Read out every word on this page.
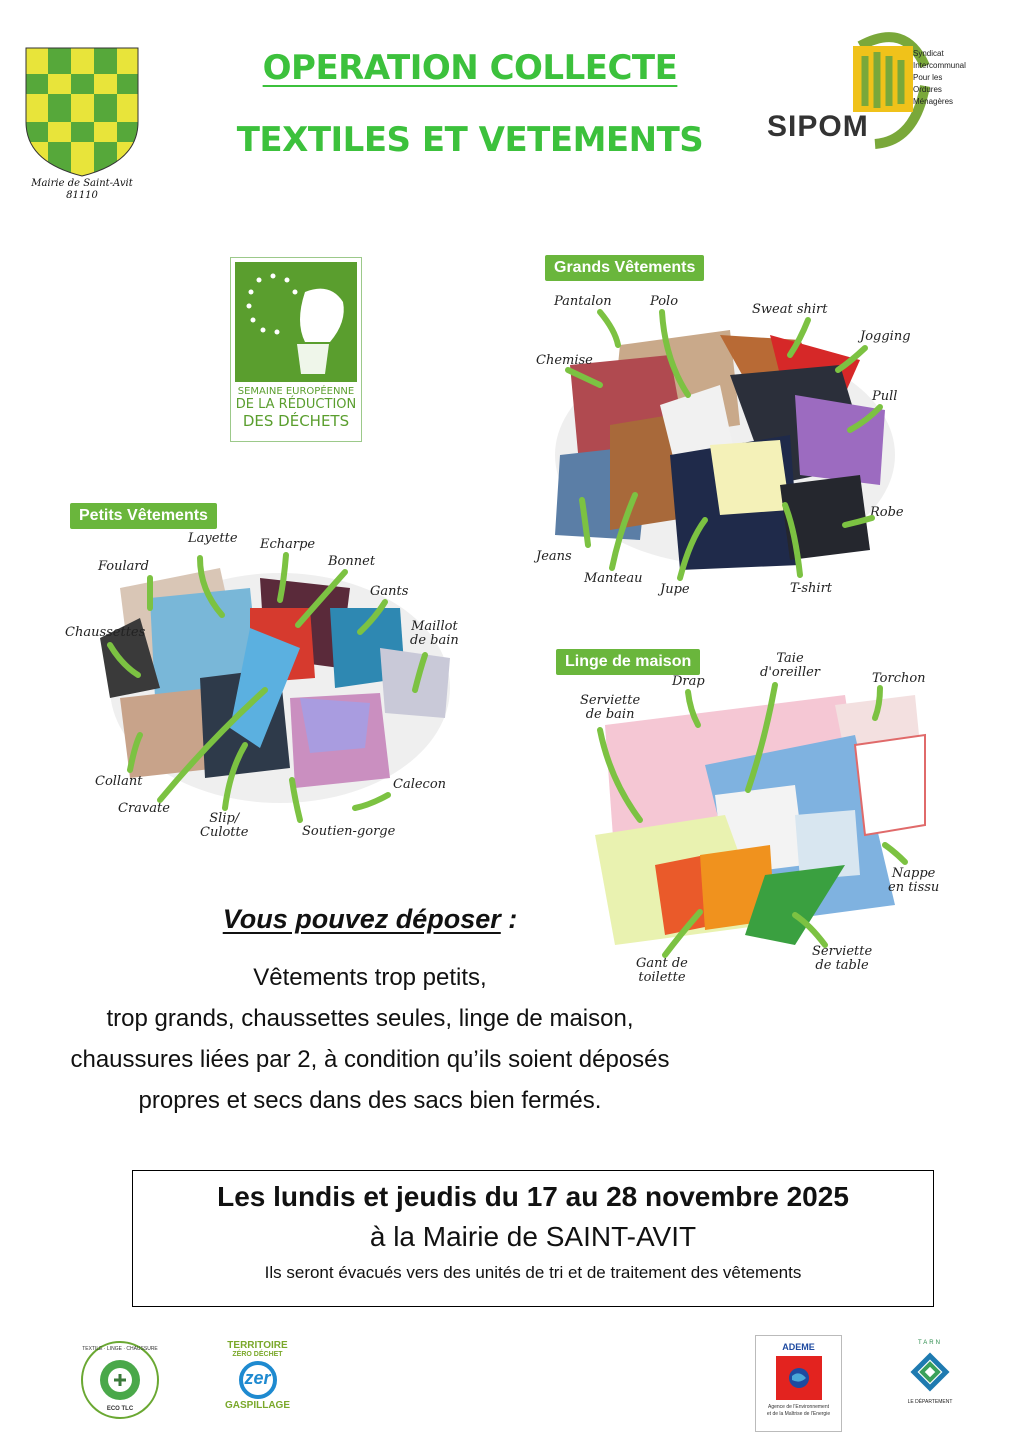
Mairie de Saint-Avit
81110
OPERATION COLLECTE
TEXTILES ET VETEMENTS
Syndicat
Intercommunal
Pour les
Ordures
Ménagères
SIPOM
SEMAINE EUROPÉENNE
DE LA RÉDUCTION
DES DÉCHETS
Grands Vêtements
Pantalon	Polo
Sweat shirt
Jogging
Chemise
Pull
Robe
Jeans
Manteau
Jupe	T-shirt
Petits Vêtements
Layette Echarpe
Bonnet
Foulard
Gants
Maillot
de bain
Chaussettes
Collant
Cravate
Slip/
Culotte	Soutien-gorge
Calecon
Linge de maison	Taie
d'oreiller
Drap	Torchon
Serviette
de bain
Nappe
en tissu
Gant de
toilette
Serviette
de table
Vous pouvez déposer :
Vêtements trop petits,
trop grands, chaussettes seules, linge de maison,
chaussures liées par 2, à condition qu’ils soient déposés
propres et secs dans des sacs bien fermés.
Les lundis et jeudis du 17 au 28 novembre 2025
à la Mairie de SAINT-AVIT
Ils seront évacués vers des unités de tri et de traitement des vêtements
TEXTILE · LINGE · CHAUSSURE
ECO TLC
TERRITOIRE
ZÉRO DÉCHET
zer
GASPILLAGE
ADEME
Agence de l'Environnement
et de la Maîtrise de l'Energie
TARN
LE DÉPARTEMENT
